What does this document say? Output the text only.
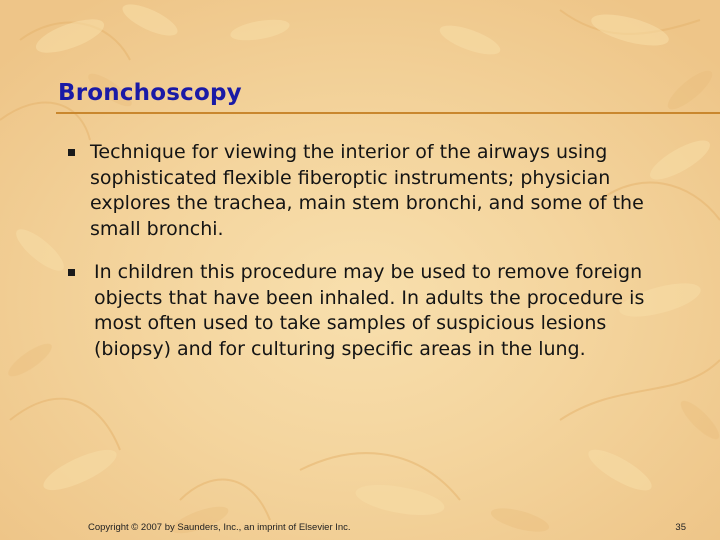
Bronchoscopy
Technique for viewing the interior of the airways using sophisticated flexible fiberoptic instruments; physician explores the trachea, main stem bronchi, and some of the small bronchi.
In children this procedure may be used to remove foreign objects that have been inhaled. In adults the procedure is most often used to take samples of suspicious lesions (biopsy) and for culturing specific areas in the lung.
Copyright © 2007 by Saunders, Inc., an imprint of Elsevier Inc.	35
